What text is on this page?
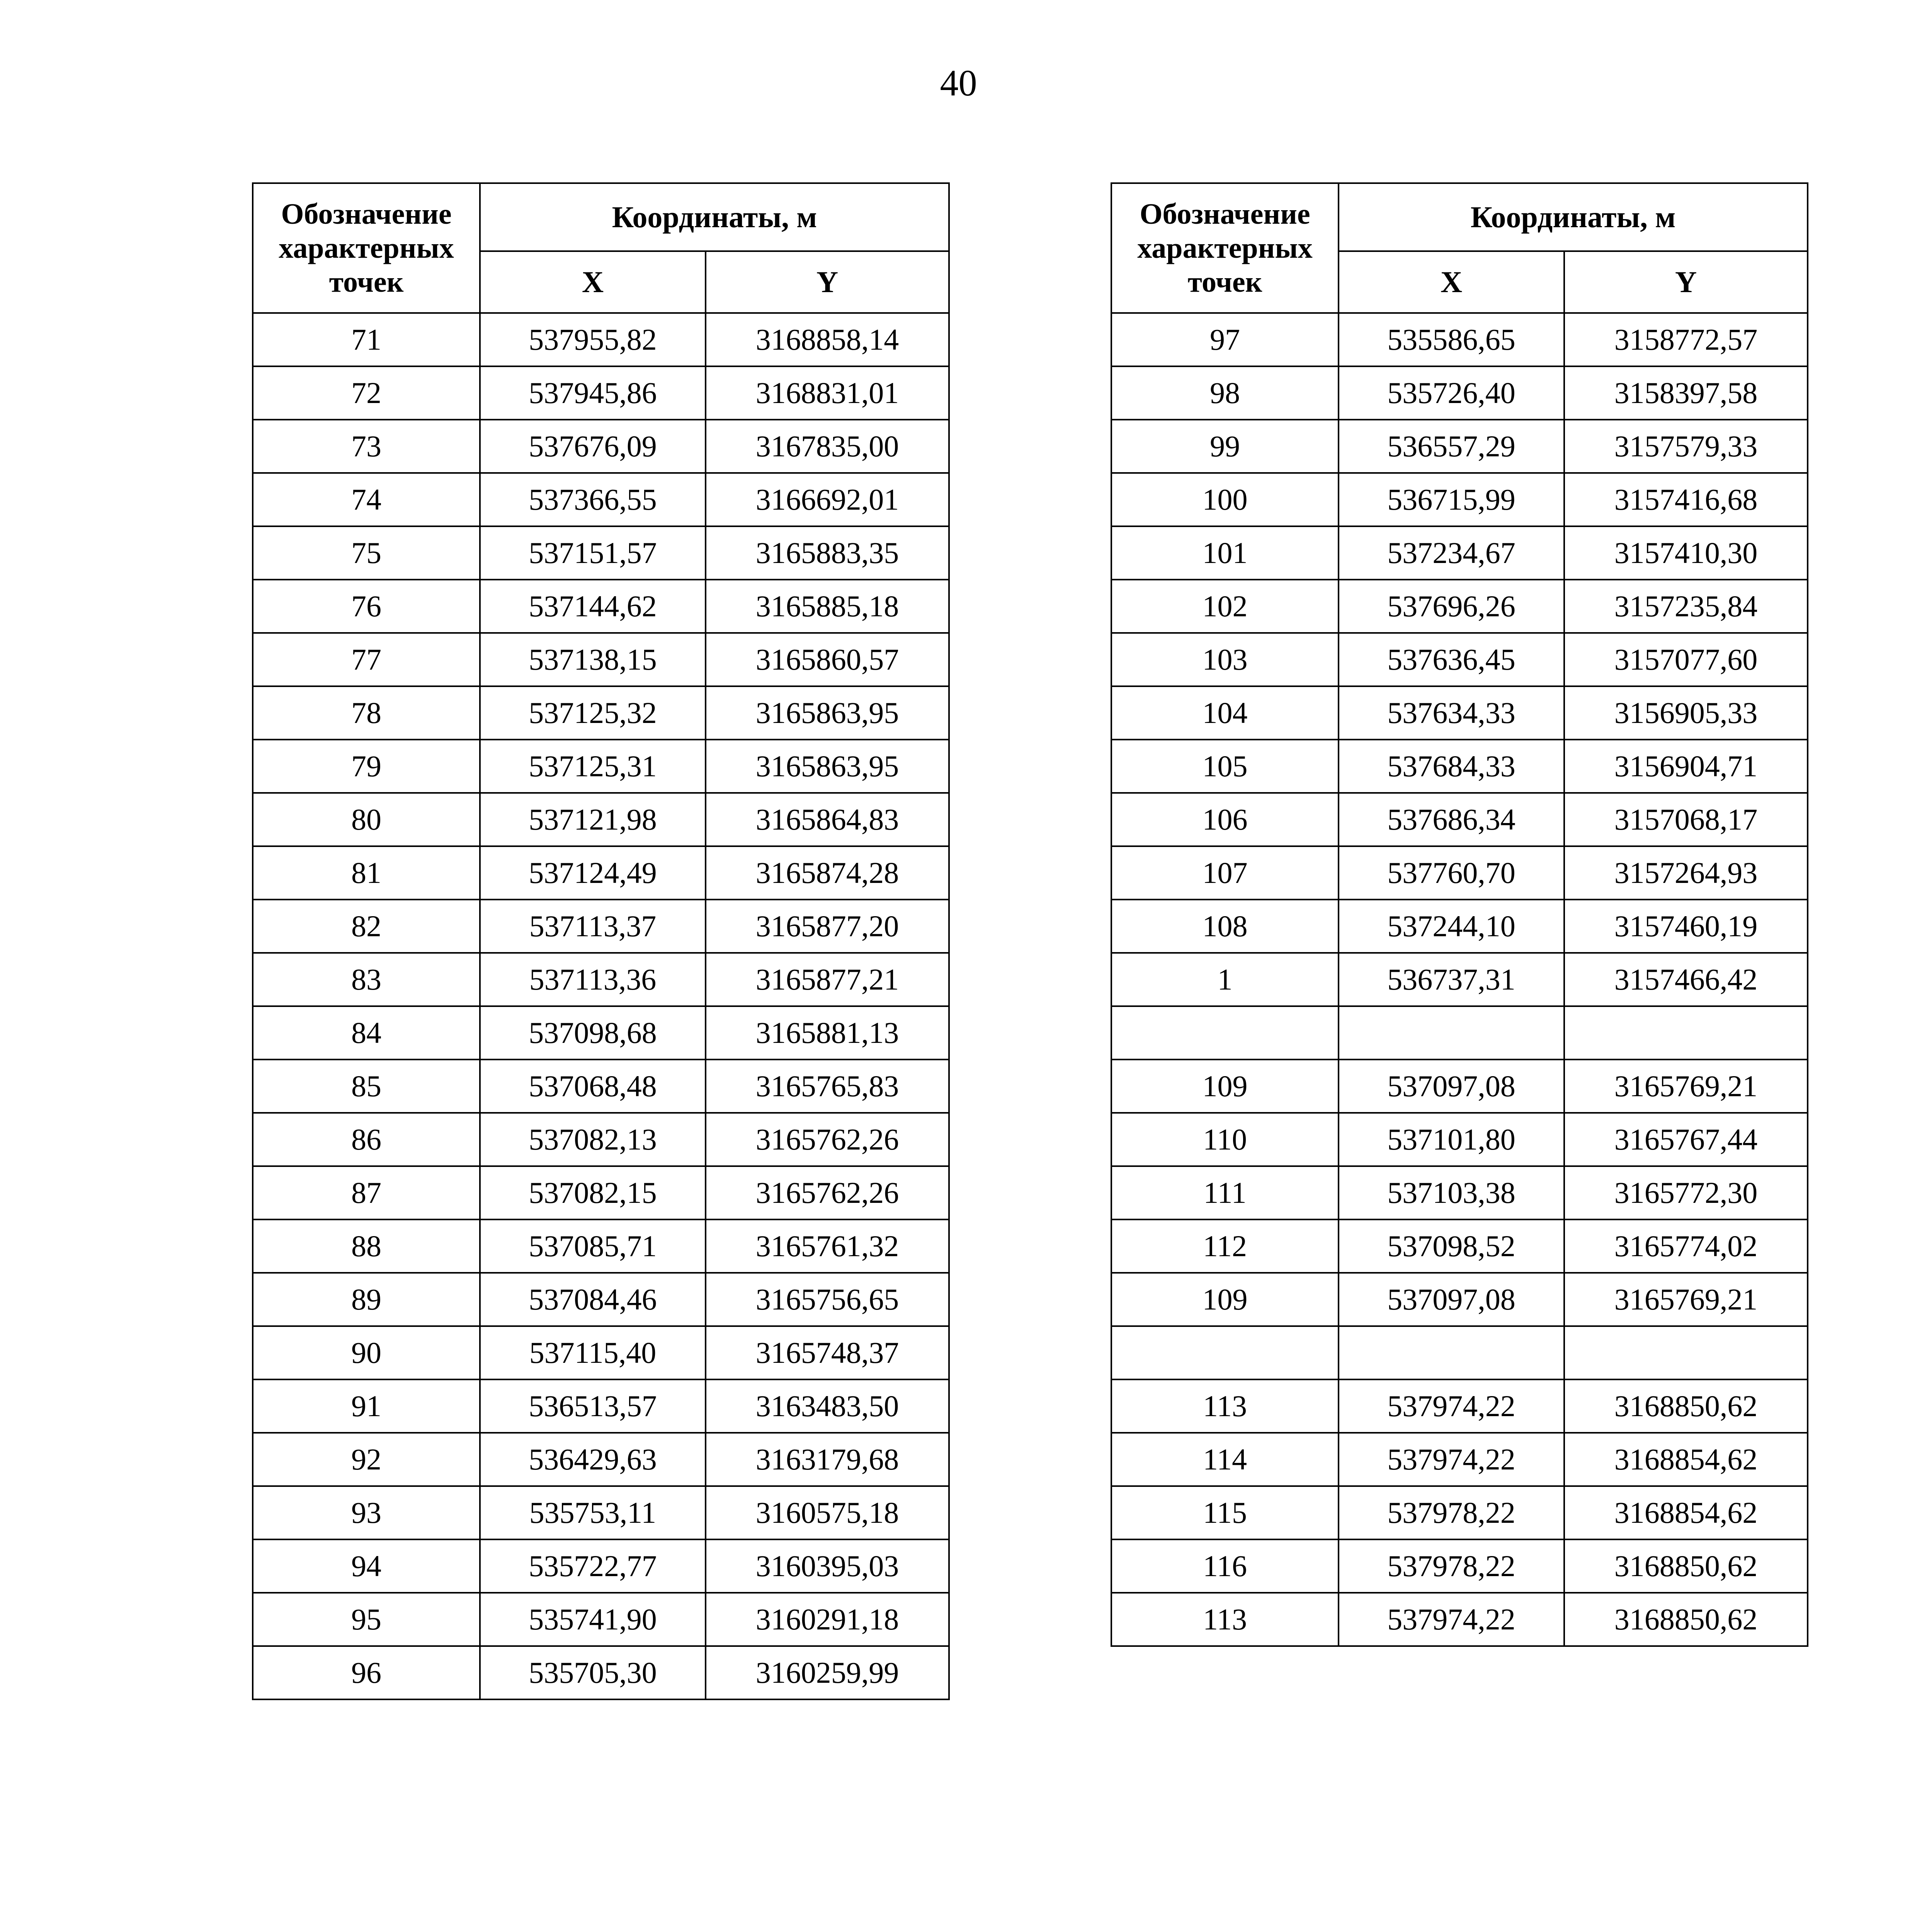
40
Обозначение характерных точек	Координаты, м	
	X	Y
71	537955,82	3168858,14
72	537945,86	3168831,01
73	537676,09	3167835,00
74	537366,55	3166692,01
75	537151,57	3165883,35
76	537144,62	3165885,18
77	537138,15	3165860,57
78	537125,32	3165863,95
79	537125,31	3165863,95
80	537121,98	3165864,83
81	537124,49	3165874,28
82	537113,37	3165877,20
83	537113,36	3165877,21
84	537098,68	3165881,13
85	537068,48	3165765,83
86	537082,13	3165762,26
87	537082,15	3165762,26
88	537085,71	3165761,32
89	537084,46	3165756,65
90	537115,40	3165748,37
91	536513,57	3163483,50
92	536429,63	3163179,68
93	535753,11	3160575,18
94	535722,77	3160395,03
95	535741,90	3160291,18
96	535705,30	3160259,99
Обозначение характерных точек	Координаты, м	
	X	Y
97	535586,65	3158772,57
98	535726,40	3158397,58
99	536557,29	3157579,33
100	536715,99	3157416,68
101	537234,67	3157410,30
102	537696,26	3157235,84
103	537636,45	3157077,60
104	537634,33	3156905,33
105	537684,33	3156904,71
106	537686,34	3157068,17
107	537760,70	3157264,93
108	537244,10	3157460,19
1	536737,31	3157466,42

109	537097,08	3165769,21
110	537101,80	3165767,44
111	537103,38	3165772,30
112	537098,52	3165774,02
109	537097,08	3165769,21

113	537974,22	3168850,62
114	537974,22	3168854,62
115	537978,22	3168854,62
116	537978,22	3168850,62
113	537974,22	3168850,62
